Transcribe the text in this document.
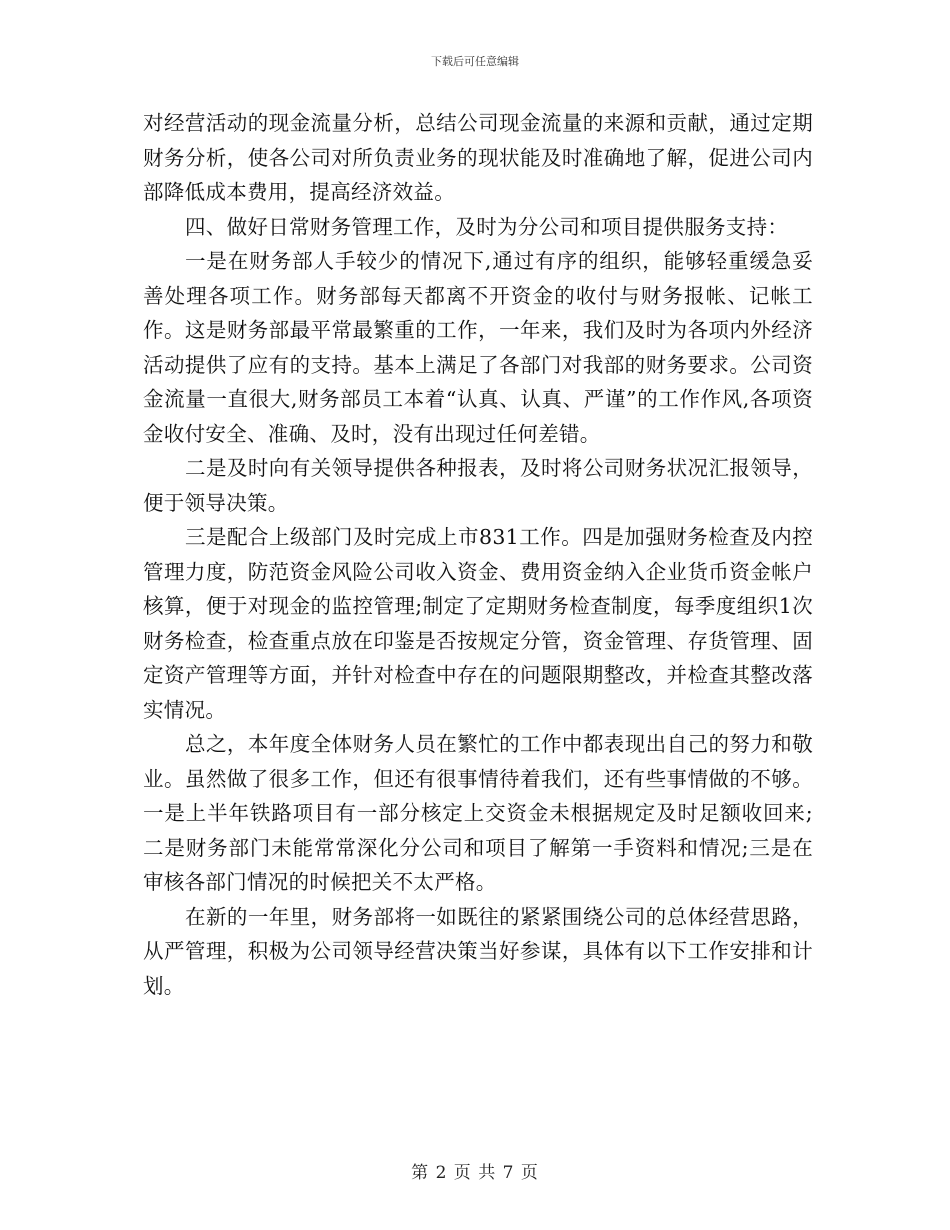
下载后可任意编辑

对经营活动的现金流量分析，总结公司现金流量的来源和贡献，通过定期财务分析，使各公司对所负责业务的现状能及时准确地了解，促进公司内部降低成本费用，提高经济效益。

四、做好日常财务管理工作，及时为分公司和项目提供服务支持：

一是在财务部人手较少的情况下,通过有序的组织，能够轻重缓急妥善处理各项工作。财务部每天都离不开资金的收付与财务报帐、记帐工作。这是财务部最平常最繁重的工作，一年来，我们及时为各项内外经济活动提供了应有的支持。基本上满足了各部门对我部的财务要求。公司资金流量一直很大,财务部员工本着“认真、认真、严谨”的工作作风,各项资金收付安全、准确、及时，没有出现过任何差错。

二是及时向有关领导提供各种报表，及时将公司财务状况汇报领导，便于领导决策。

三是配合上级部门及时完成上市831工作。四是加强财务检查及内控管理力度，防范资金风险公司收入资金、费用资金纳入企业货币资金帐户核算，便于对现金的监控管理;制定了定期财务检查制度，每季度组织1次财务检查，检查重点放在印鉴是否按规定分管，资金管理、存货管理、固定资产管理等方面，并针对检查中存在的问题限期整改，并检查其整改落实情况。

总之，本年度全体财务人员在繁忙的工作中都表现出自己的努力和敬业。虽然做了很多工作，但还有很事情待着我们，还有些事情做的不够。一是上半年铁路项目有一部分核定上交资金未根据规定及时足额收回来;二是财务部门未能常常深化分公司和项目了解第一手资料和情况;三是在审核各部门情况的时候把关不太严格。

在新的一年里，财务部将一如既往的紧紧围绕公司的总体经营思路，从严管理，积极为公司领导经营决策当好参谋，具体有以下工作安排和计划。

第 2 页 共 7 页
